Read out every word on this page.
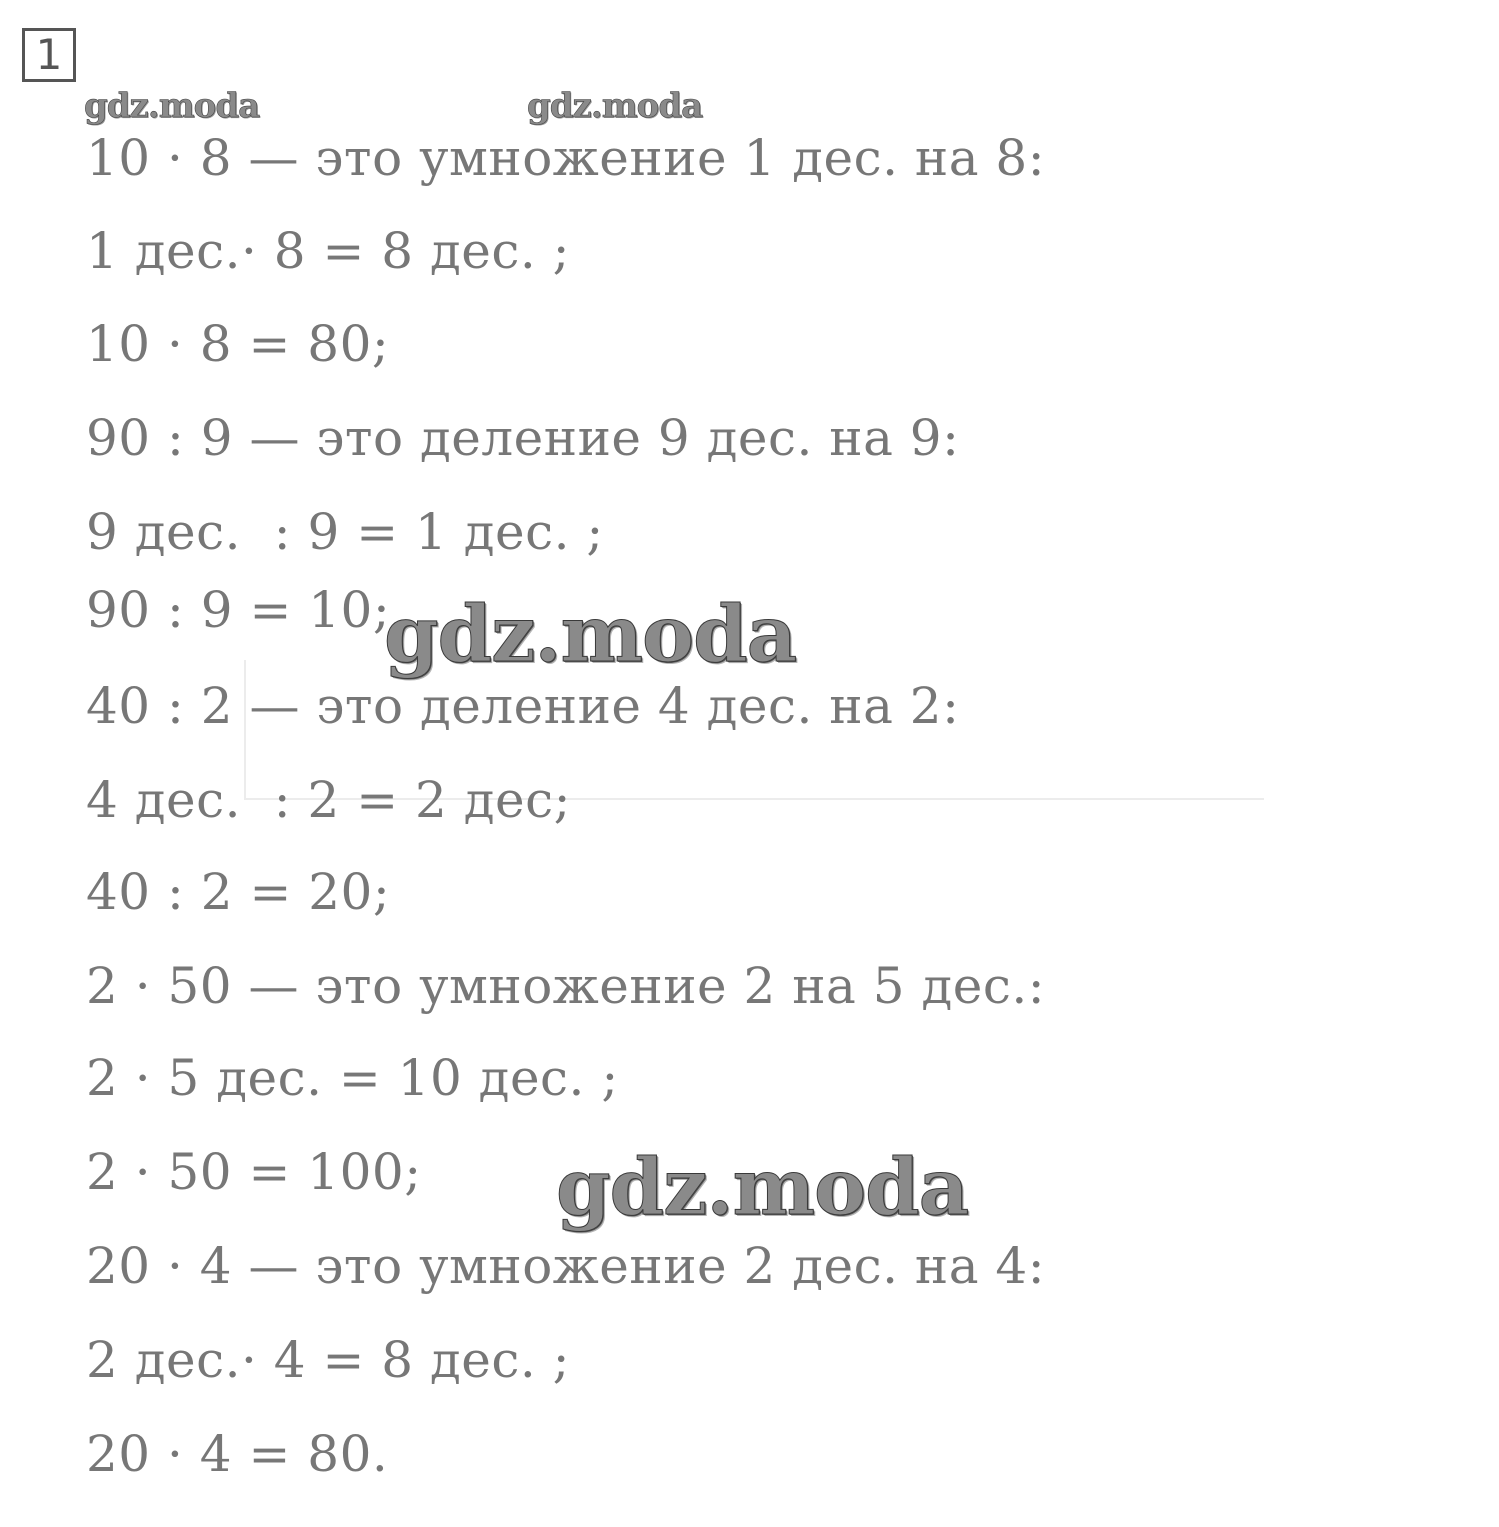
1

10 · 8 — это умножение 1 дес. на 8:

1 дес.· 8 = 8 дес. ;

10 · 8 = 80;

90 : 9 — это деление 9 дес. на 9:

9 дес.  : 9 = 1 дес. ;

90 : 9 = 10;

40 : 2 — это деление 4 дес. на 2:

4 дес.  : 2 = 2 дес;

40 : 2 = 20;

2 · 50 — это умножение 2 на 5 дес.:

2 · 5 дес. = 10 дес. ;

2 · 50 = 100;

20 · 4 — это умножение 2 дес. на 4:

2 дес.· 4 = 8 дес. ;

20 · 4 = 80.

gdz.moda	gdz.moda

gdz.moda

gdz.moda
